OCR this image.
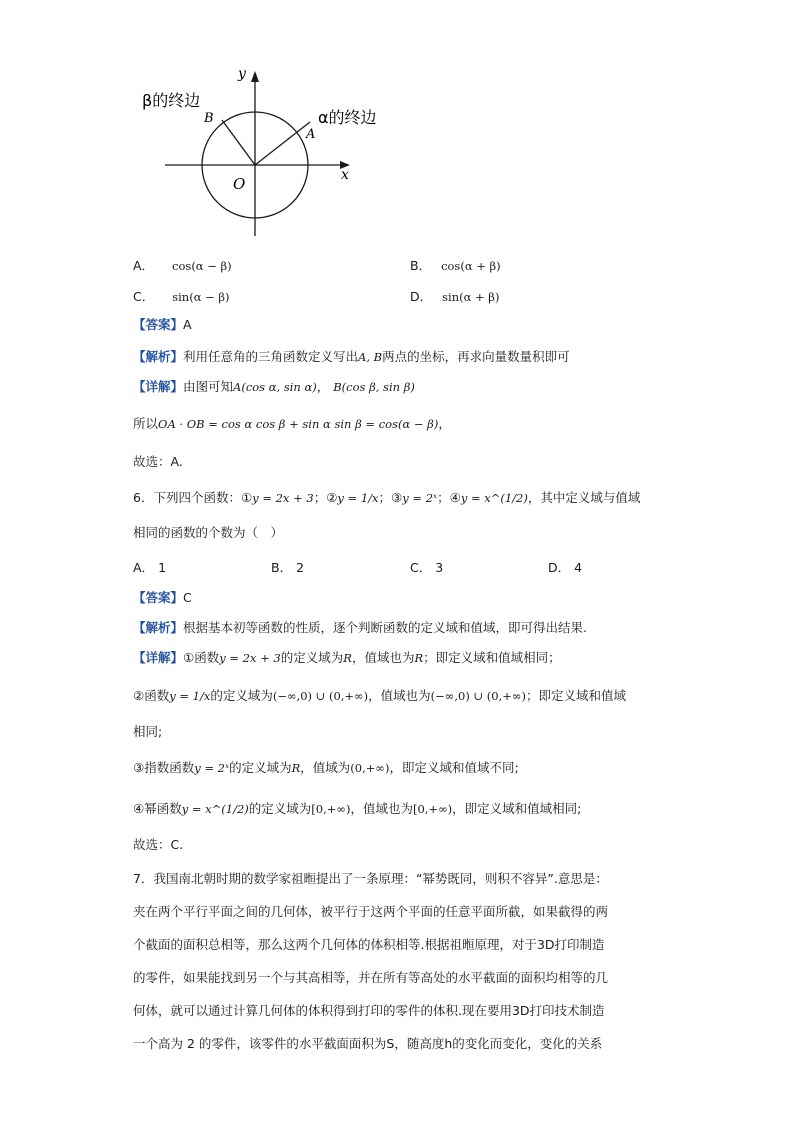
y
x
O
B
A
β的终边
α的终边
A． cos(α − β)	B． cos(α + β)
C． sin(α − β)	D． sin(α + β)
【答案】A
【解析】利用任意角的三角函数定义写出A, B两点的坐标，再求向量数量积即可
【详解】由图可知A(cos α, sin α)， B(cos β, sin β)
所以OA · OB = cos α cos β + sin α sin β = cos(α − β)，
故选：A.
6．下列四个函数：①y = 2x + 3；②y = 1/x；③y = 2ˣ；④y = x^(1/2)，其中定义域与值域
相同的函数的个数为（　）
A． 1	B． 2	C． 3	D． 4
【答案】C
【解析】根据基本初等函数的性质，逐个判断函数的定义域和值域，即可得出结果.
【详解】①函数y = 2x + 3的定义域为R，值域也为R；即定义域和值域相同；
②函数y = 1/x的定义域为(−∞,0) ∪ (0,+∞)，值域也为(−∞,0) ∪ (0,+∞)；即定义域和值域
相同;
③指数函数y = 2ˣ的定义域为R，值域为(0,+∞)，即定义域和值域不同;
④幂函数y = x^(1/2)的定义域为[0,+∞)，值域也为[0,+∞)，即定义域和值域相同;
故选：C.
7．我国南北朝时期的数学家祖暅提出了一条原理：“幂势既同，则积不容异”.意思是：
夹在两个平行平面之间的几何体，被平行于这两个平面的任意平面所截，如果截得的两
个截面的面积总相等，那么这两个几何体的体积相等.根据祖暅原理，对于3D打印制造
的零件，如果能找到另一个与其高相等，并在所有等高处的水平截面的面积均相等的几
何体，就可以通过计算几何体的体积得到打印的零件的体积.现在要用3D打印技术制造
一个高为 2 的零件，该零件的水平截面面积为S，随高度h的变化而变化，变化的关系
